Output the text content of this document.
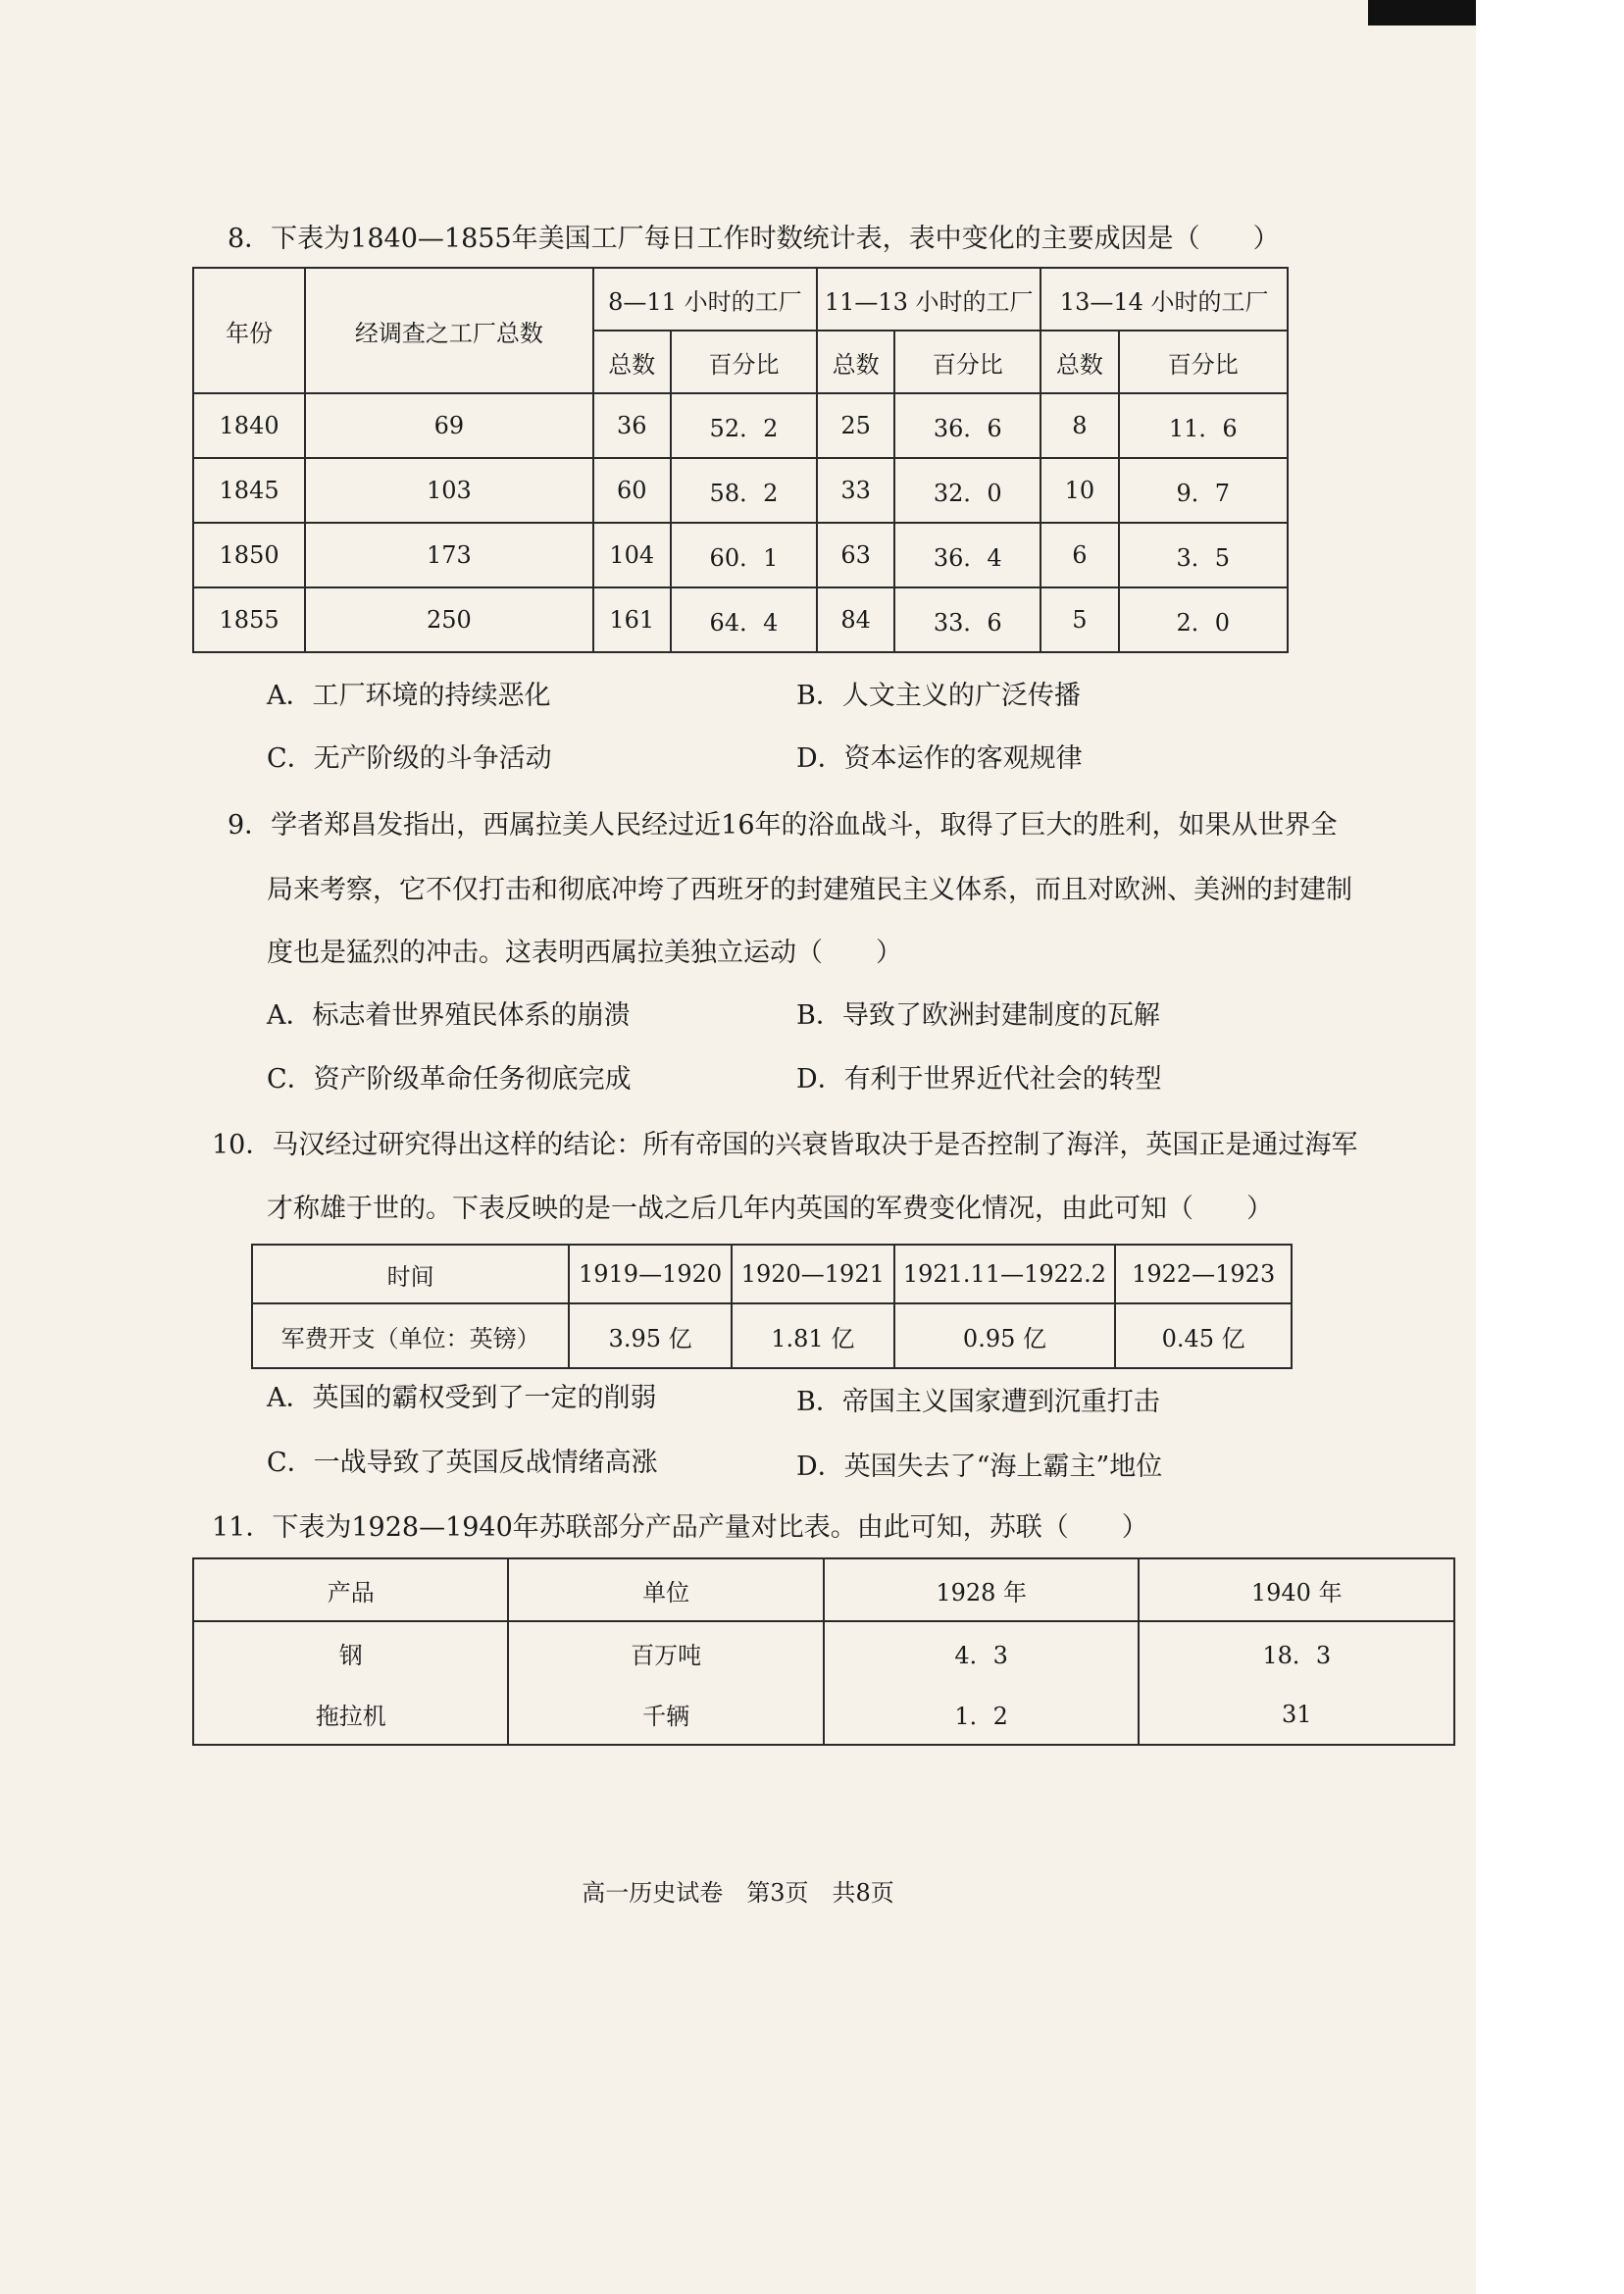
8．下表为1840—1855年美国工厂每日工作时数统计表，表中变化的主要成因是（　　）
年份	经调查之工厂总数	8—11 小时的工厂		11—13 小时的工厂		13—14 小时的工厂	
		总数	百分比	总数	百分比	总数	百分比
1840	69	36	52．2	25	36．6	8	11．6
1845	103	60	58．2	33	32．0	10	9．7
1850	173	104	60．1	63	36．4	6	3．5
1855	250	161	64．4	84	33．6	5	2．0
A．工厂环境的持续恶化	B．人文主义的广泛传播
C．无产阶级的斗争活动	D．资本运作的客观规律
9．学者郑昌发指出，西属拉美人民经过近16年的浴血战斗，取得了巨大的胜利，如果从世界全
局来考察，它不仅打击和彻底冲垮了西班牙的封建殖民主义体系，而且对欧洲、美洲的封建制
度也是猛烈的冲击。这表明西属拉美独立运动（　　）
A．标志着世界殖民体系的崩溃	B．导致了欧洲封建制度的瓦解
C．资产阶级革命任务彻底完成	D．有利于世界近代社会的转型
10．马汉经过研究得出这样的结论：所有帝国的兴衰皆取决于是否控制了海洋，英国正是通过海军
才称雄于世的。下表反映的是一战之后几年内英国的军费变化情况，由此可知（　　）
时间	1919—1920	1920—1921	1921.11—1922.2	1922—1923
军费开支（单位：英镑）	3.95 亿	1.81 亿	0.95 亿	0.45 亿
A．英国的霸权受到了一定的削弱	B．帝国主义国家遭到沉重打击
C．一战导致了英国反战情绪高涨	D．英国失去了“海上霸主”地位
11．下表为1928—1940年苏联部分产品产量对比表。由此可知，苏联（　　）
产品	单位	1928 年	1940 年
钢	百万吨	4．3	18．3
拖拉机	千辆	1．2	31
高一历史试卷　第3页　共8页
